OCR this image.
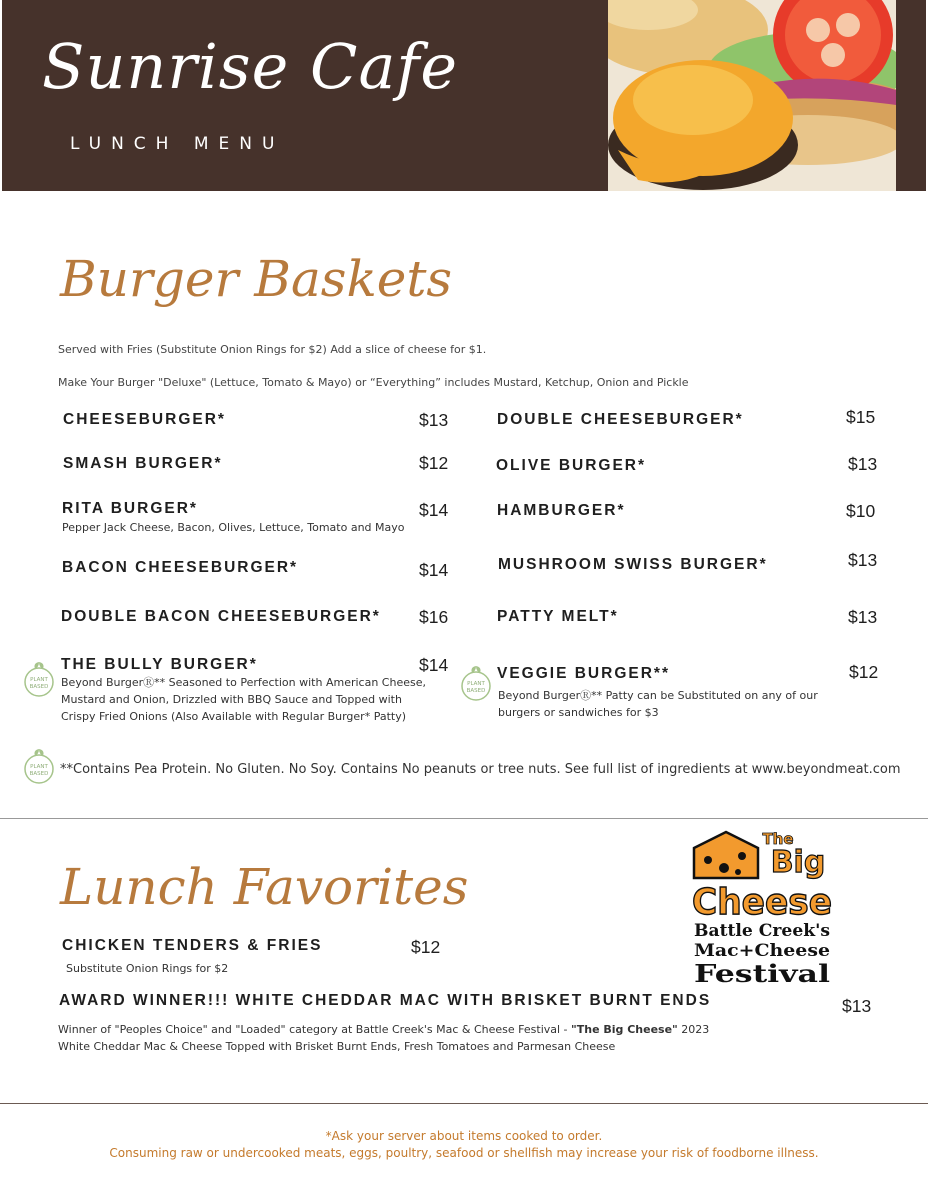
Sunrise Cafe
LUNCH MENU
Burger Baskets
Served with Fries (Substitute Onion Rings for $2) Add a slice of cheese for $1.
Make Your Burger "Deluxe" (Lettuce, Tomato & Mayo) or “Everything” includes Mustard, Ketchup, Onion and Pickle
CHEESEBURGER*	$13	DOUBLE CHEESEBURGER*	$15
SMASH BURGER*	$12	OLIVE BURGER*	$13
RITA BURGER*	$14
Pepper Jack Cheese, Bacon, Olives, Lettuce, Tomato and Mayo
HAMBURGER*	$10
BACON CHEESEBURGER*	$14	MUSHROOM SWISS BURGER*	$13
DOUBLE BACON CHEESEBURGER* $16	PATTY MELT*	$13
PLANT
BASED
THE BULLY BURGER*	$14
Beyond BurgerⓇ** Seasoned to Perfection with American Cheese,
Mustard and Onion, Drizzled with BBQ Sauce and Topped with
Crispy Fried Onions (Also Available with Regular Burger* Patty)
PLANT
BASED
VEGGIE BURGER**	$12
Beyond BurgerⓇ** Patty can be Substituted on any of our
burgers or sandwiches for $3
PLANT
BASED **Contains Pea Protein. No Gluten. No Soy. Contains No peanuts or tree nuts. See full list of ingredients at www.beyondmeat.com
Lunch Favorites
CHICKEN TENDERS & FRIES	$12
Substitute Onion Rings for $2
AWARD WINNER!!! WHITE CHEDDAR MAC WITH BRISKET BURNT ENDS	$13
Winner of "Peoples Choice" and "Loaded" category at Battle Creek's Mac & Cheese Festival - "The Big Cheese" 2023
White Cheddar Mac & Cheese Topped with Brisket Burnt Ends, Fresh Tomatoes and Parmesan Cheese
The
Big
Cheese
Battle Creek's
Mac+Cheese
Festival
*Ask your server about items cooked to order.
Consuming raw or undercooked meats, eggs, poultry, seafood or shellfish may increase your risk of foodborne illness.
